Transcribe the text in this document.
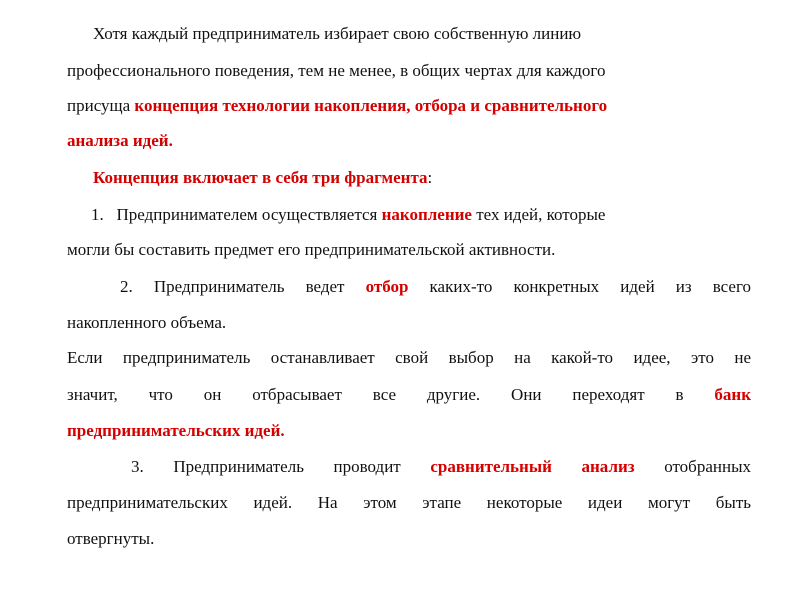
Хотя каждый предприниматель избирает свою собственную линию
профессионального поведения, тем не менее, в общих чертах для каждого
присуща концепция технологии накопления, отбора и сравнительного
анализа идей.
Концепция включает в себя три фрагмента:
1.   Предпринимателем осуществляется накопление тех идей, которые
могли бы составить предмет его предпринимательской активности.
2. Предприниматель ведет отбор каких-то конкретных идей из всего
накопленного объема.
Если предприниматель останавливает свой выбор на какой-то идее, это не
значит, что он отбрасывает все другие. Они переходят в банк
предпринимательских идей.
3. Предприниматель проводит сравнительный анализ отобранных
предпринимательских идей. На этом этапе некоторые идеи могут быть
отвергнуты.
